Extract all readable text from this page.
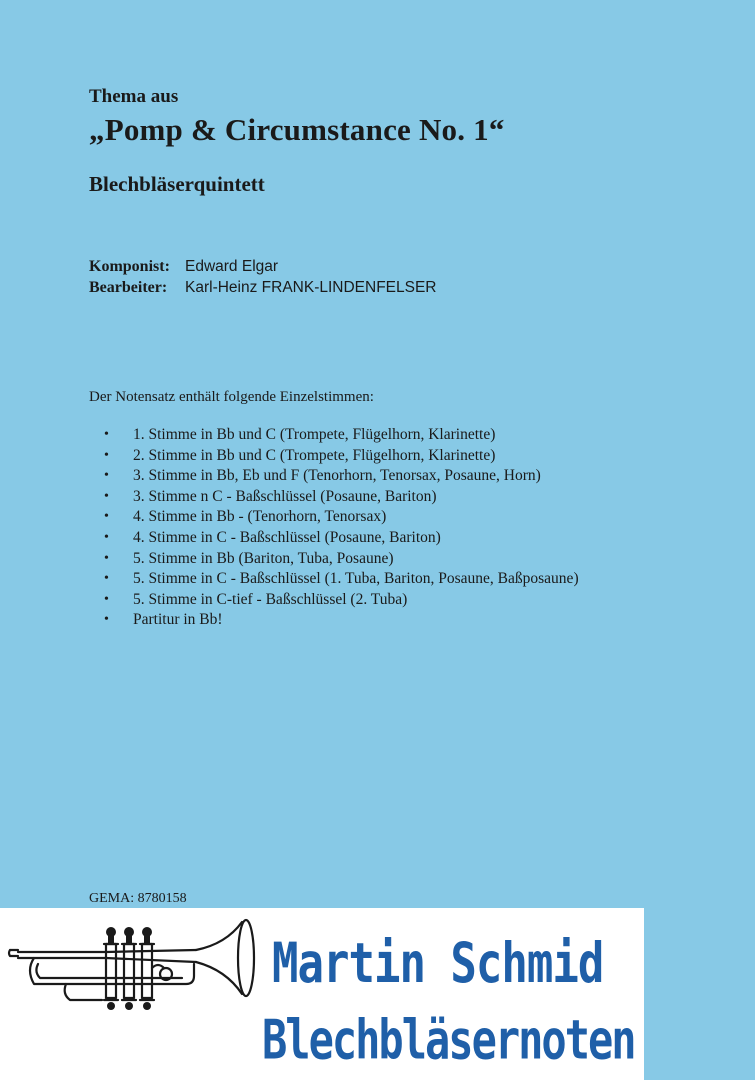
Thema aus
„Pomp & Circumstance No. 1“
Blechbläserquintett
Komponist: Edward Elgar
Bearbeiter: Karl-Heinz FRANK-LINDENFELSER
Der Notensatz enthält folgende Einzelstimmen:
• 1. Stimme in Bb und C (Trompete, Flügelhorn, Klarinette)
• 2. Stimme in Bb und C (Trompete, Flügelhorn, Klarinette)
• 3. Stimme in Bb, Eb und F (Tenorhorn, Tenorsax, Posaune, Horn)
• 3. Stimme n C - Baßschlüssel (Posaune, Bariton)
• 4. Stimme in Bb - (Tenorhorn, Tenorsax)
• 4. Stimme in C - Baßschlüssel (Posaune, Bariton)
• 5. Stimme in Bb (Bariton, Tuba, Posaune)
• 5. Stimme in C - Baßschlüssel (1. Tuba, Bariton, Posaune, Baßposaune)
• 5. Stimme in C-tief - Baßschlüssel (2. Tuba)
• Partitur in Bb!
GEMA: 8780158
Martin Schmid
Blechbläsernoten
